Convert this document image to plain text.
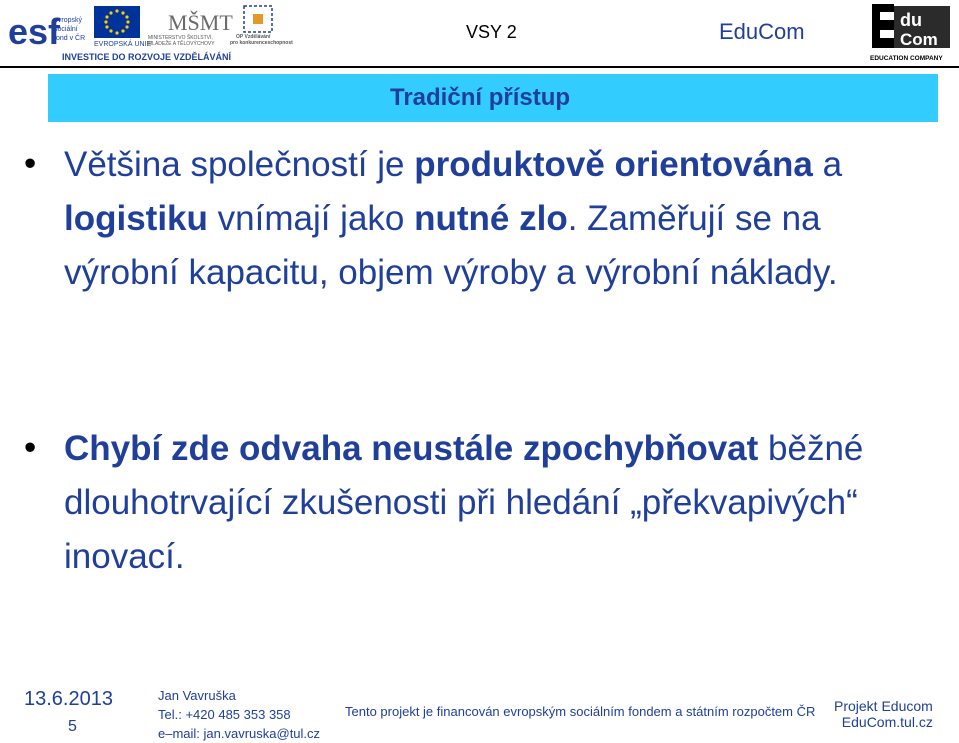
esf
evropský
sociální
fond v ČR
EVROPSKÁ UNIE
MŠMT
MINISTERSTVO ŠKOLSTVÍ,
MLÁDEŽE A TĚLOVÝCHOVY
OP Vzdělávání
pro konkurenceschopnost
INVESTICE DO ROZVOJE VZDĚLÁVÁNÍ
VSY 2	EduCom	du
Com
EDUCATION COMPANY
Tradiční přístup
• Většina společností je produktově orientována a logistiku vnímají jako nutné zlo. Zaměřují se na výrobní kapacitu, objem výroby a výrobní náklady.
• Chybí zde odvaha neustále zpochybňovat běžné dlouhotrvající zkušenosti při hledání „překvapivých“ inovací.
13.6.2013
5
Jan Vavruška
Tel.: +420 485 353 358
e–mail: jan.vavruska@tul.cz
Tento projekt je financován evropským sociálním fondem a státním rozpočtem ČR Projekt Educom
EduCom.tul.cz
